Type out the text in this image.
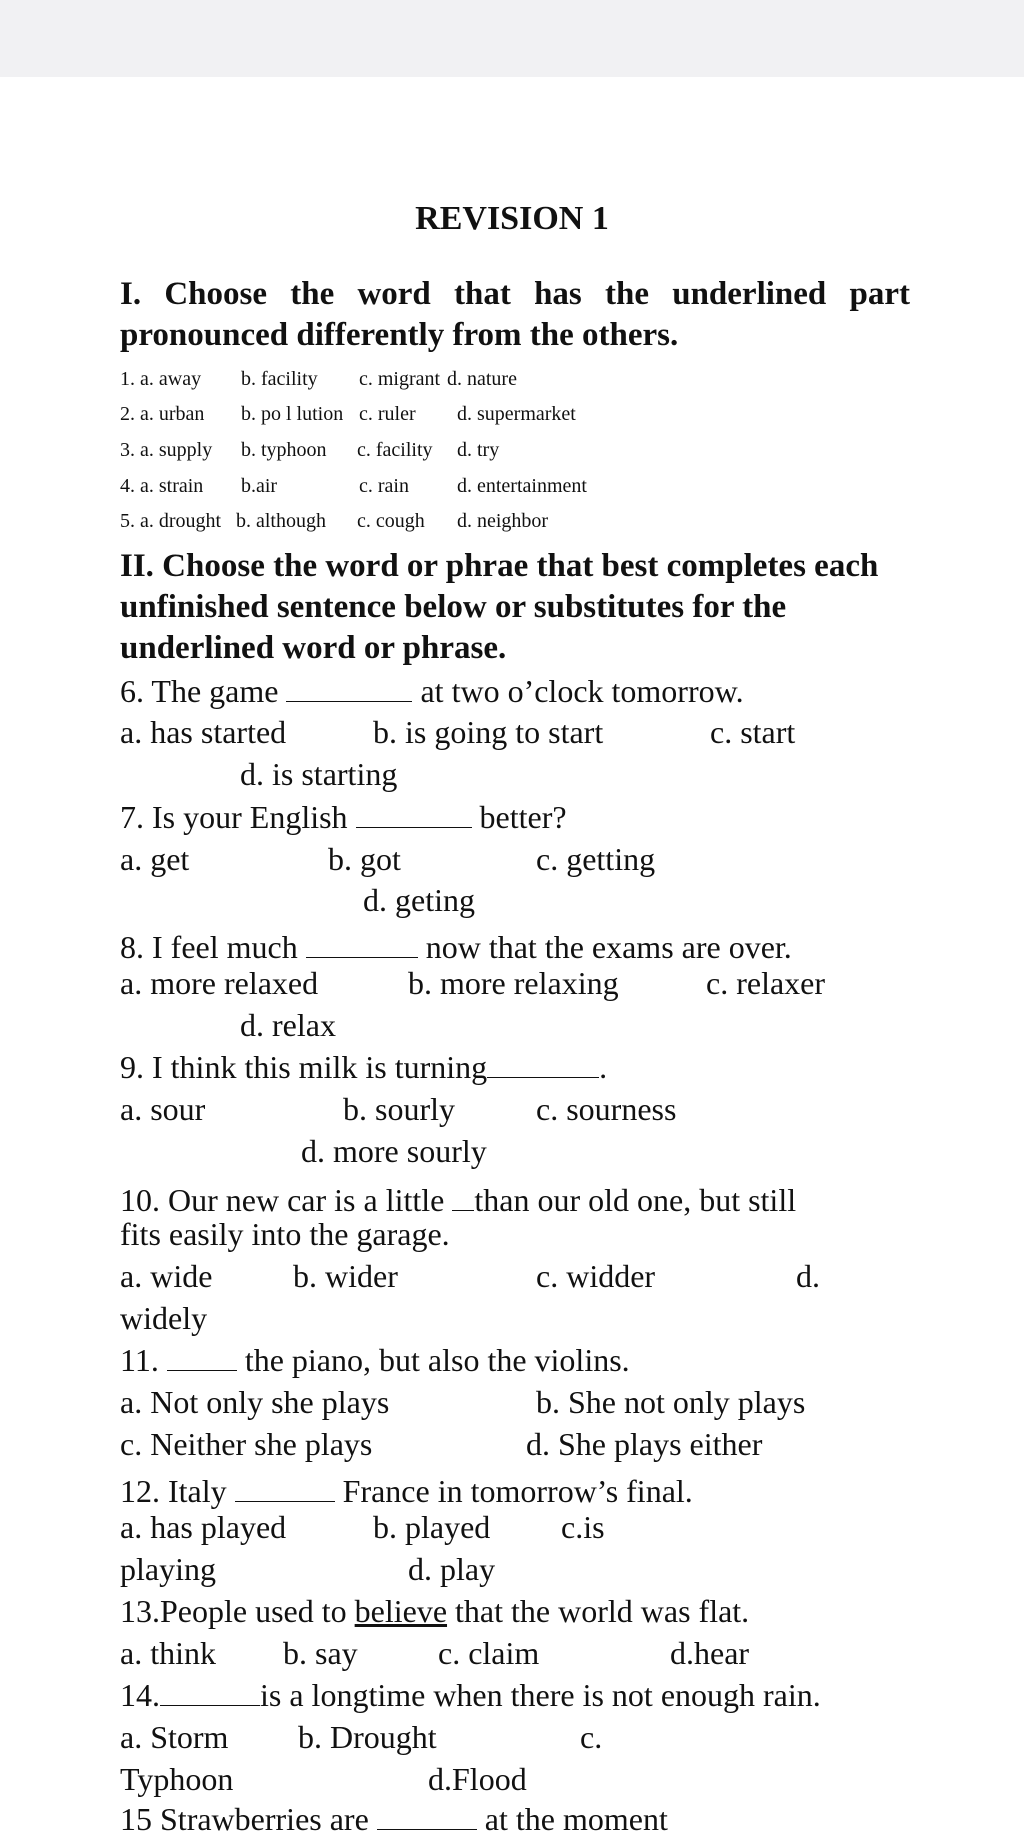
REVISION 1
I. Choose the word that has the underlined part pronounced differently from the others.
1. a. away b. facility c. migrant d. nature
2. a. urban b. po l lution c. ruler d. supermarket
3. a. supply b. typhoon c. facility d. try
4. a. strain b.air	c. rain d. entertainment
5. a. drought b. although c. cough d. neighbor
II. Choose the word or phrae that best completes each unfinished sentence below or substitutes for the underlined word or phrase.
6. The game	at two o’clock tomorrow.
a. has started	b. is going to start	c. start
d. is starting
7. Is your English	better?
a. get	b. got	c. getting
d. geting
8. I feel much	now that the exams are over.
a. more relaxed	b. more relaxing	c. relaxer
d. relax
9. I think this milk is turning	.
a. sour	b. sourly	c. sourness
d. more sourly
10. Our new car is a little than our old one, but still
fits easily into the garage.
a. wide	b. wider	c. widder	d.
widely
11.	the piano, but also the violins.
a. Not only she plays	b. She not only plays
c. Neither she plays	d. She plays either
12. Italy	France in tomorrow’s final.
a. has played	b. played c.is
playing	d. play
13.People used to believe that the world was flat.
a. think b. say	c. claim	d.hear
14.	is a longtime when there is not enough rain.
a. Storm b. Drought	c.
Typhoon	d.Flood
15 Strawberries are	at the moment
